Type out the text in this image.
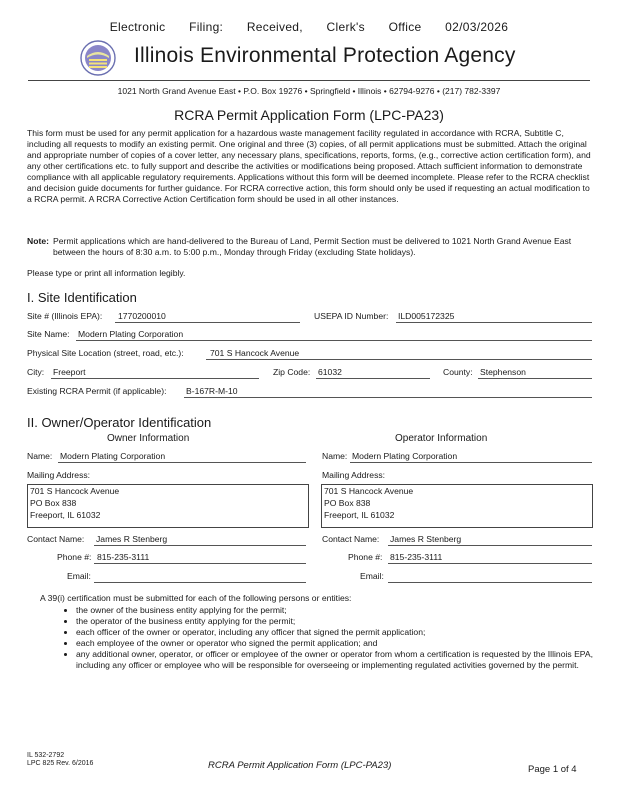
Electronic Filing: Received, Clerk's Office 02/03/2026
Illinois Environmental Protection Agency
1021 North Grand Avenue East • P.O. Box 19276 • Springfield • Illinois • 62794-9276 • (217) 782-3397
RCRA Permit Application Form (LPC-PA23)
This form must be used for any permit application for a hazardous waste management facility regulated in accordance with RCRA, Subtitle C, including all requests to modify an existing permit. One original and three (3) copies, of all permit applications must be submitted. Attach the original and appropriate number of copies of a cover letter, any necessary plans, specifications, reports, forms, (e.g., corrective action certification form), and any other certifications etc. to fully support and describe the activities or modifications being proposed. Attach sufficient information to demonstrate compliance with all applicable regulatory requirements. Applications without this form will be deemed incomplete. Please refer to the RCRA checklist and decision guide documents for further guidance. For RCRA corrective action, this form should only be used if requesting an actual modification to a RCRA permit. A RCRA Corrective Action Certification form should be used in all other instances.
Note: Permit applications which are hand-delivered to the Bureau of Land, Permit Section must be delivered to 1021 North Grand Avenue East between the hours of 8:30 a.m. to 5:00 p.m., Monday through Friday (excluding State holidays).
Please type or print all information legibly.
I. Site Identification
Site # (Illinois EPA): 1770200010	USEPA ID Number: ILD005172325
Site Name: Modern Plating Corporation
Physical Site Location (street, road, etc.):	701 S Hancock Avenue
City: Freeport	Zip Code: 61032	County: Stephenson
Existing RCRA Permit (if applicable): B-167R-M-10
II. Owner/Operator Identification
Owner Information
Name: Modern Plating Corporation
Mailing Address:
701 S Hancock Avenue
PO Box 838
Freeport, IL 61032
Contact Name: James R Stenberg
Phone #: 815-235-3111
Email:
Operator Information
Name: Modern Plating Corporation
Mailing Address:
701 S Hancock Avenue
PO Box 838
Freeport, IL 61032
Contact Name: James R Stenberg
Phone #: 815-235-3111
Email:
A 39(i) certification must be submitted for each of the following persons or entities:
• the owner of the business entity applying for the permit;
• the operator of the business entity applying for the permit;
• each officer of the owner or operator, including any officer that signed the permit application;
• each employee of the owner or operator who signed the permit application; and
• any additional owner, operator, or officer or employee of the owner or operator from whom a certification is requested by the Illinois EPA, including any officer or employee who will be responsible for overseeing or implementing regulated activities governed by the permit.
IL 532-2792
LPC 825 Rev. 6/2016	RCRA Permit Application Form (LPC-PA23)	Page 1 of 4
